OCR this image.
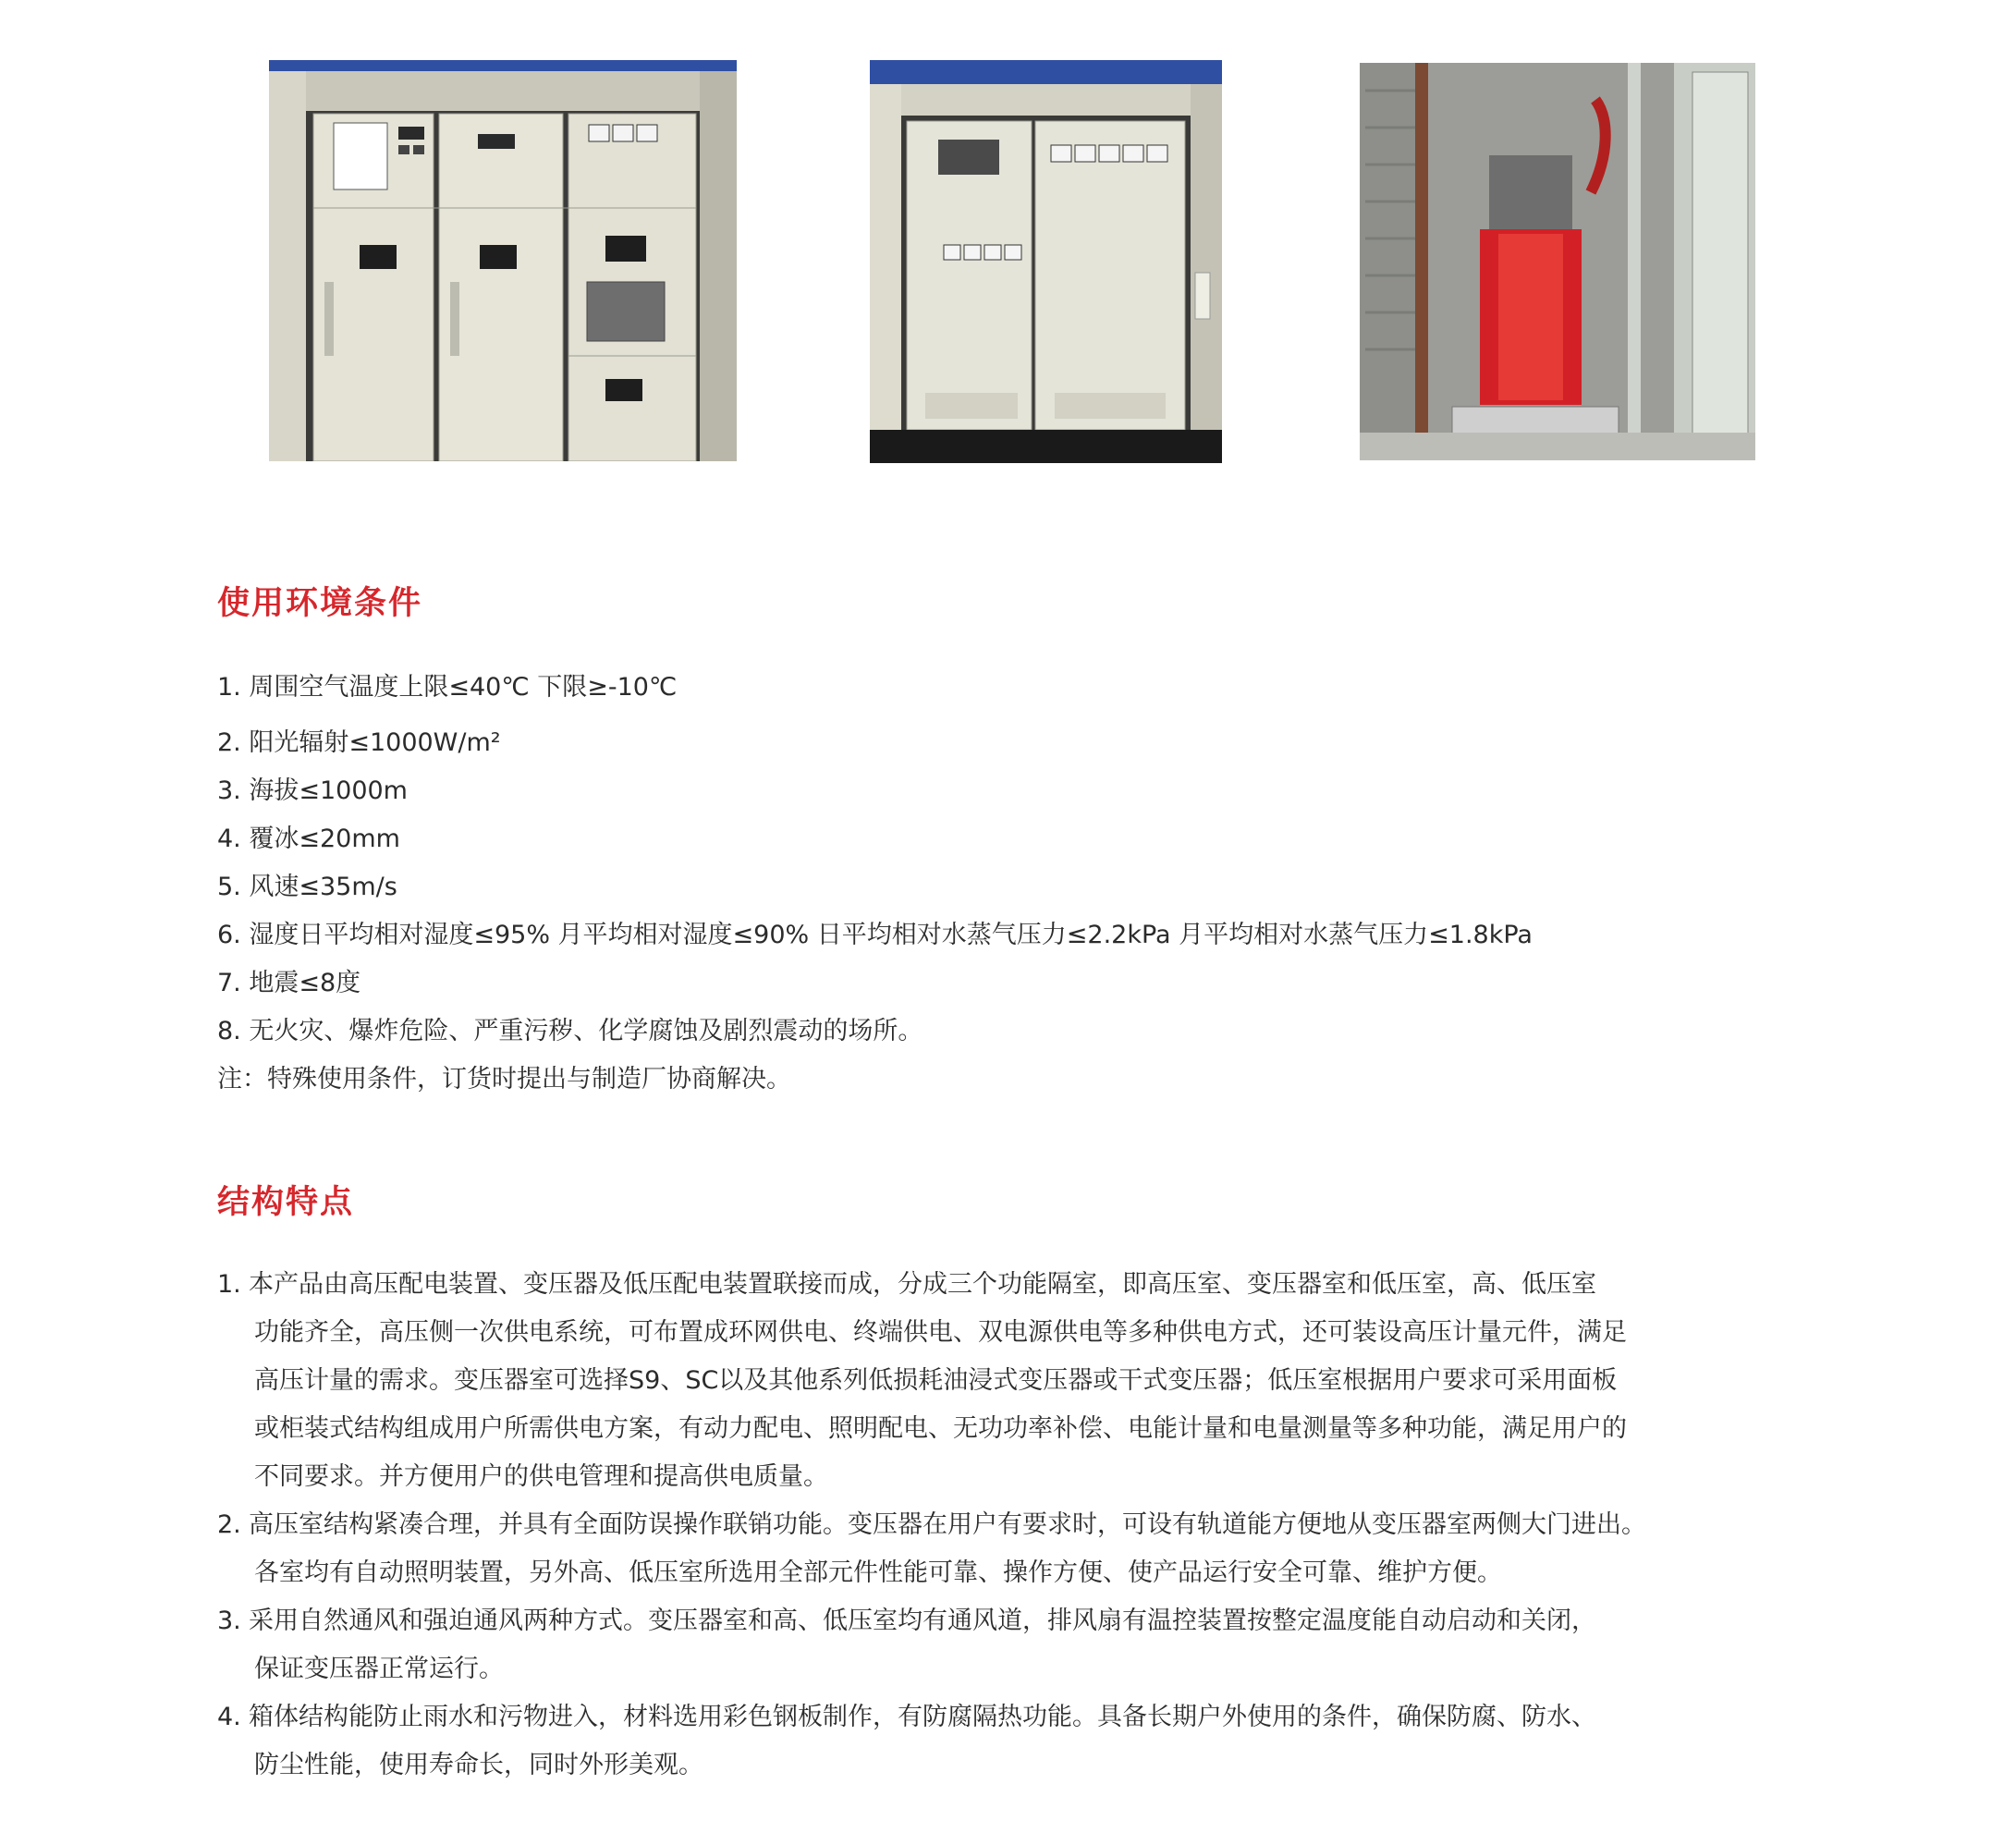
使用环境条件
1. 周围空气温度上限≤40℃ 下限≥-10℃
2. 阳光辐射≤1000W/m²
3. 海拔≤1000m
4. 覆冰≤20mm
5. 风速≤35m/s
6. 湿度日平均相对湿度≤95% 月平均相对湿度≤90% 日平均相对水蒸气压力≤2.2kPa 月平均相对水蒸气压力≤1.8kPa
7. 地震≤8度
8. 无火灾、爆炸危险、严重污秽、化学腐蚀及剧烈震动的场所。
注：特殊使用条件，订货时提出与制造厂协商解决。
结构特点
1. 本产品由高压配电装置、变压器及低压配电装置联接而成，分成三个功能隔室，即高压室、变压器室和低压室，高、低压室
功能齐全，高压侧一次供电系统，可布置成环网供电、终端供电、双电源供电等多种供电方式，还可装设高压计量元件，满足
高压计量的需求。变压器室可选择S9、SC以及其他系列低损耗油浸式变压器或干式变压器；低压室根据用户要求可采用面板
或柜装式结构组成用户所需供电方案，有动力配电、照明配电、无功功率补偿、电能计量和电量测量等多种功能，满足用户的
不同要求。并方便用户的供电管理和提高供电质量。
2. 高压室结构紧凑合理，并具有全面防误操作联销功能。变压器在用户有要求时，可设有轨道能方便地从变压器室两侧大门进出。
各室均有自动照明装置，另外高、低压室所选用全部元件性能可靠、操作方便、使产品运行安全可靠、维护方便。
3. 采用自然通风和强迫通风两种方式。变压器室和高、低压室均有通风道，排风扇有温控装置按整定温度能自动启动和关闭，
保证变压器正常运行。
4. 箱体结构能防止雨水和污物进入，材料选用彩色钢板制作，有防腐隔热功能。具备长期户外使用的条件，确保防腐、防水、
防尘性能，使用寿命长，同时外形美观。
